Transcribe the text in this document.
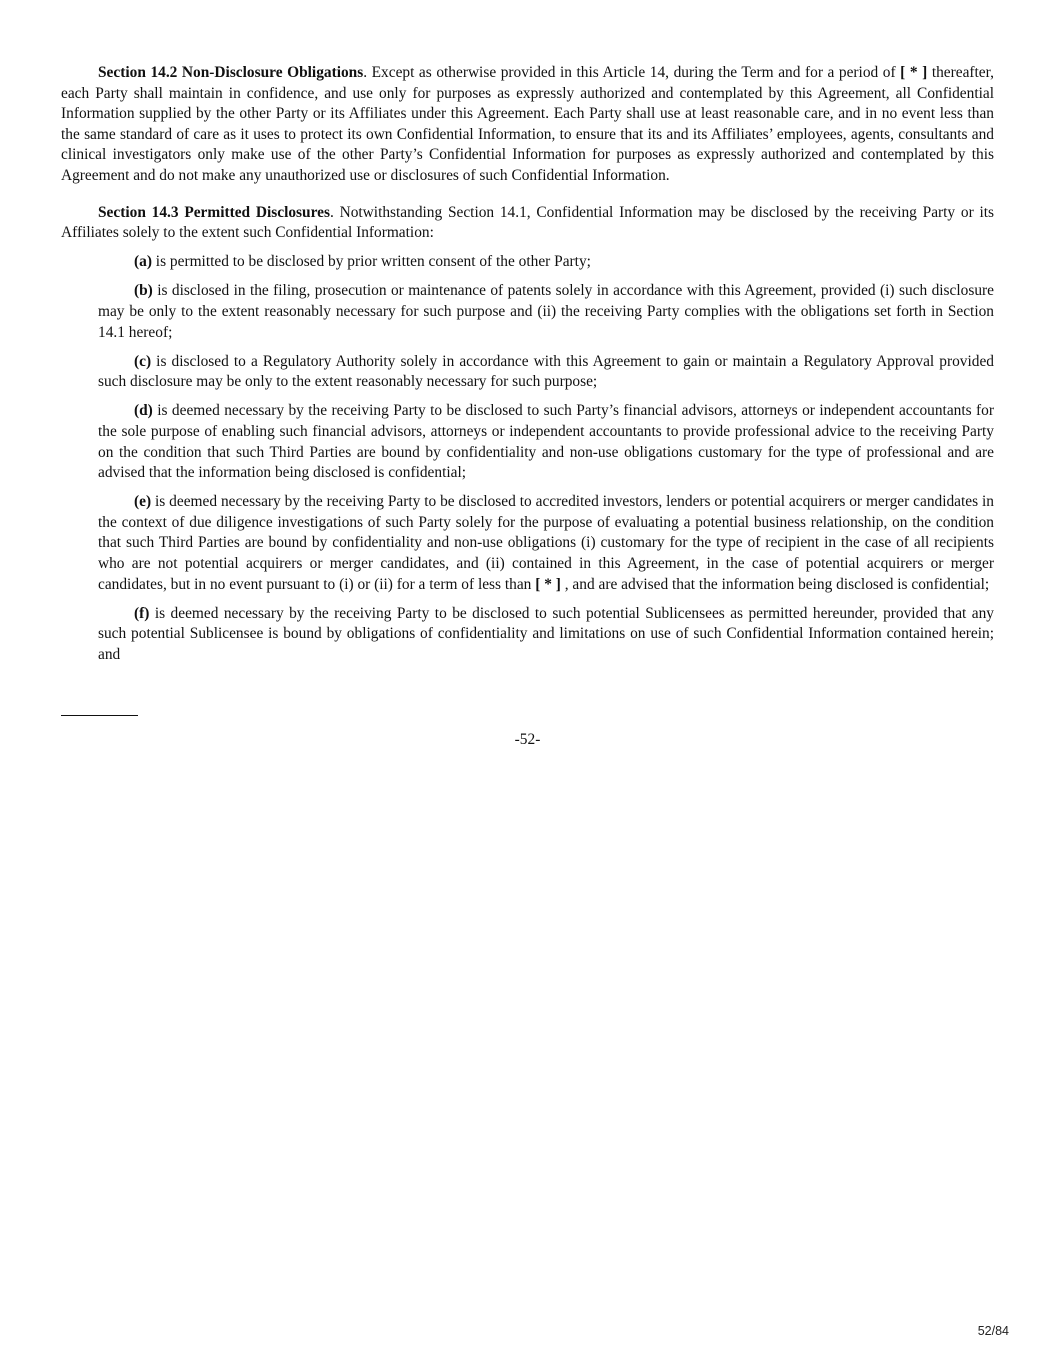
Section 14.2 Non-Disclosure Obligations. Except as otherwise provided in this Article 14, during the Term and for a period of [ * ] thereafter, each Party shall maintain in confidence, and use only for purposes as expressly authorized and contemplated by this Agreement, all Confidential Information supplied by the other Party or its Affiliates under this Agreement. Each Party shall use at least reasonable care, and in no event less than the same standard of care as it uses to protect its own Confidential Information, to ensure that its and its Affiliates’ employees, agents, consultants and clinical investigators only make use of the other Party’s Confidential Information for purposes as expressly authorized and contemplated by this Agreement and do not make any unauthorized use or disclosures of such Confidential Information.

Section 14.3 Permitted Disclosures. Notwithstanding Section 14.1, Confidential Information may be disclosed by the receiving Party or its Affiliates solely to the extent such Confidential Information:

(a) is permitted to be disclosed by prior written consent of the other Party;

(b) is disclosed in the filing, prosecution or maintenance of patents solely in accordance with this Agreement, provided (i) such disclosure may be only to the extent reasonably necessary for such purpose and (ii) the receiving Party complies with the obligations set forth in Section 14.1 hereof;

(c) is disclosed to a Regulatory Authority solely in accordance with this Agreement to gain or maintain a Regulatory Approval provided such disclosure may be only to the extent reasonably necessary for such purpose;

(d) is deemed necessary by the receiving Party to be disclosed to such Party’s financial advisors, attorneys or independent accountants for the sole purpose of enabling such financial advisors, attorneys or independent accountants to provide professional advice to the receiving Party on the condition that such Third Parties are bound by confidentiality and non-use obligations customary for the type of professional and are advised that the information being disclosed is confidential;

(e) is deemed necessary by the receiving Party to be disclosed to accredited investors, lenders or potential acquirers or merger candidates in the context of due diligence investigations of such Party solely for the purpose of evaluating a potential business relationship, on the condition that such Third Parties are bound by confidentiality and non-use obligations (i) customary for the type of recipient in the case of all recipients who are not potential acquirers or merger candidates, and (ii) contained in this Agreement, in the case of potential acquirers or merger candidates, but in no event pursuant to (i) or (ii) for a term of less than [ * ] , and are advised that the information being disclosed is confidential;

(f) is deemed necessary by the receiving Party to be disclosed to such potential Sublicensees as permitted hereunder, provided that any such potential Sublicensee is bound by obligations of confidentiality and limitations on use of such Confidential Information contained herein; and

-52-
52/84
